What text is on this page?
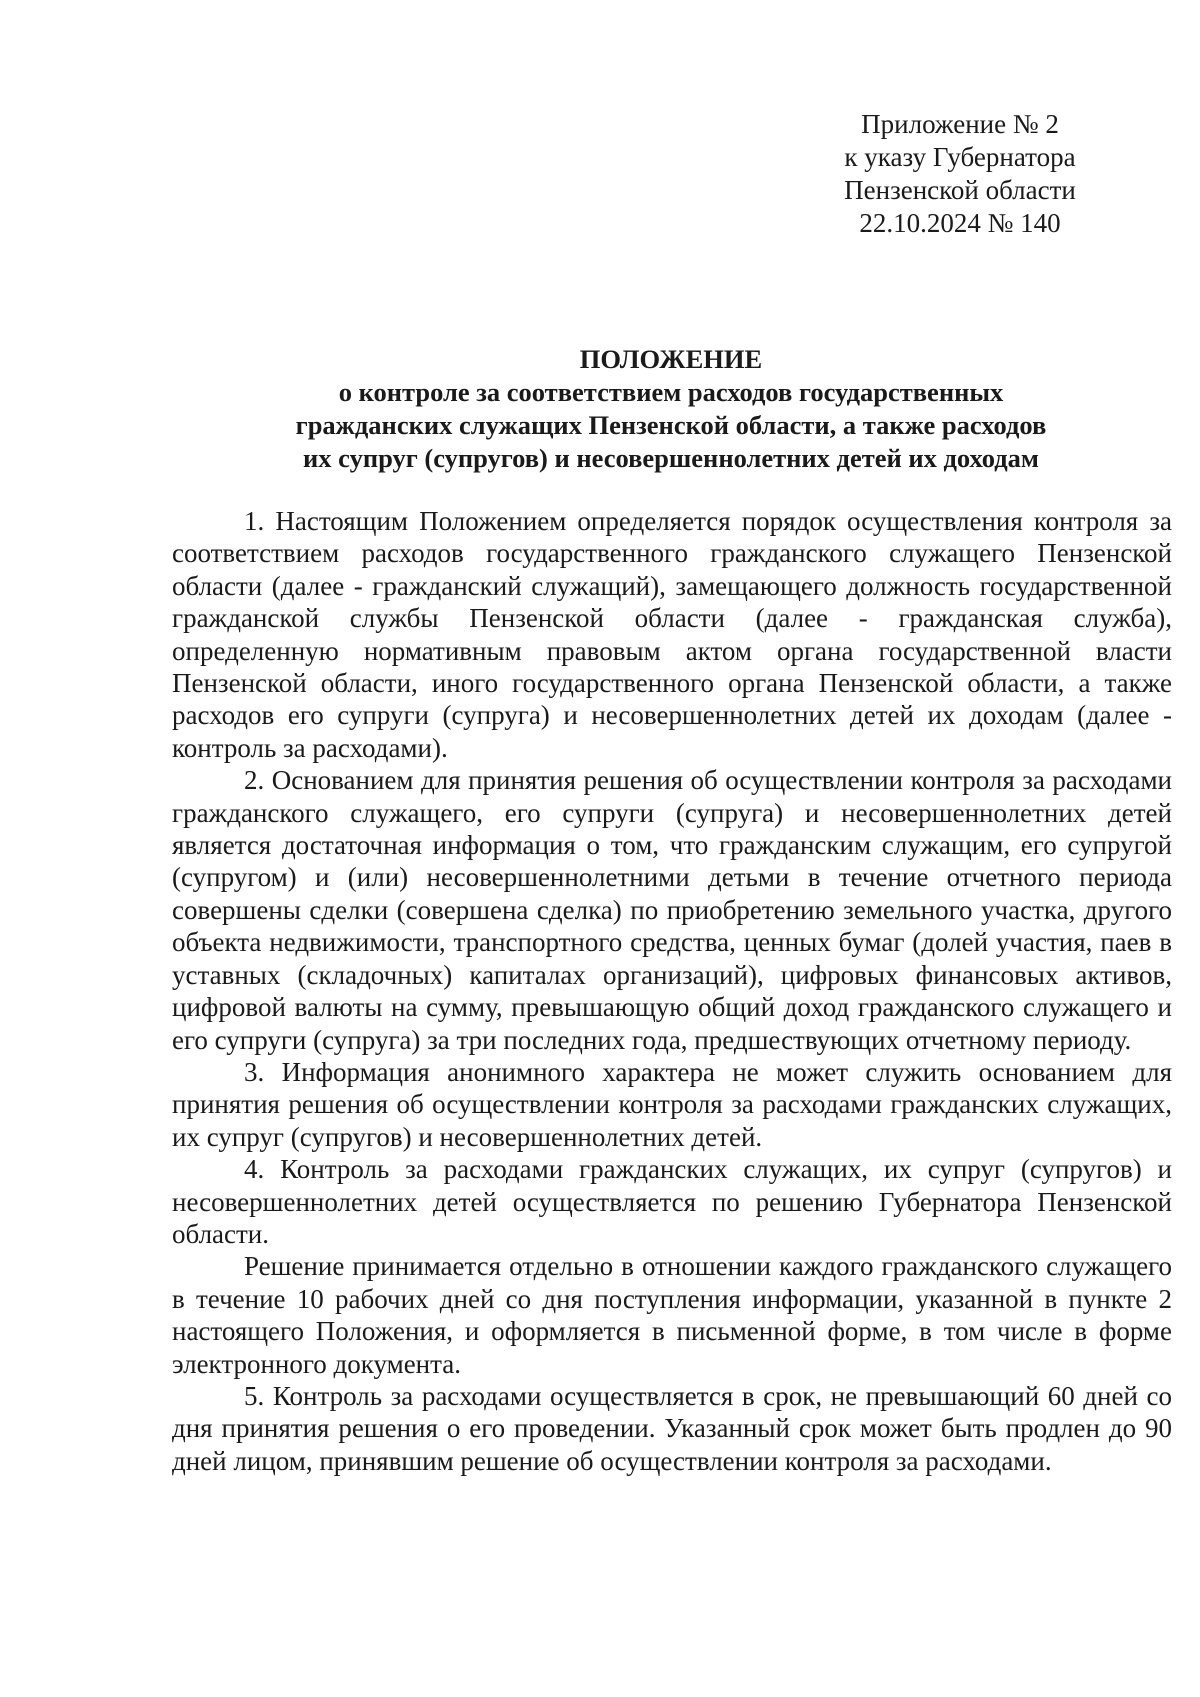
Приложение № 2
к указу Губернатора
Пензенской области
22.10.2024 № 140
ПОЛОЖЕНИЕ
о контроле за соответствием расходов государственных
гражданских служащих Пензенской области, а также расходов
их супруг (супругов) и несовершеннолетних детей их доходам

1. Настоящим Положением определяется порядок осуществления контроля за соответствием расходов государственного гражданского служащего Пензенской области (далее - гражданский служащий), замещающего должность государственной гражданской службы Пензенской области (далее - гражданская служба), определенную нормативным правовым актом органа государственной власти Пензенской области, иного государственного органа Пензенской области, а также расходов его супруги (супруга) и несовершеннолетних детей их доходам (далее - контроль за расходами).

2. Основанием для принятия решения об осуществлении контроля за расходами гражданского служащего, его супруги (супруга) и несовершеннолетних детей является достаточная информация о том, что гражданским служащим, его супругой (супругом) и (или) несовершеннолетними детьми в течение отчетного периода совершены сделки (совершена сделка) по приобретению земельного участка, другого объекта недвижимости, транспортного средства, ценных бумаг (долей участия, паев в уставных (складочных) капиталах организаций), цифровых финансовых активов, цифровой валюты на сумму, превышающую общий доход гражданского служащего и его супруги (супруга) за три последних года, предшествующих отчетному периоду.

3. Информация анонимного характера не может служить основанием для принятия решения об осуществлении контроля за расходами гражданских служащих, их супруг (супругов) и несовершеннолетних детей.

4. Контроль за расходами гражданских служащих, их супруг (супругов) и несовершеннолетних детей осуществляется по решению Губернатора Пензенской области.

Решение принимается отдельно в отношении каждого гражданского служащего в течение 10 рабочих дней со дня поступления информации, указанной в пункте 2 настоящего Положения, и оформляется в письменной форме, в том числе в форме электронного документа.

5. Контроль за расходами осуществляется в срок, не превышающий 60 дней со дня принятия решения о его проведении. Указанный срок может быть продлен до 90 дней лицом, принявшим решение об осуществлении контроля за расходами.
